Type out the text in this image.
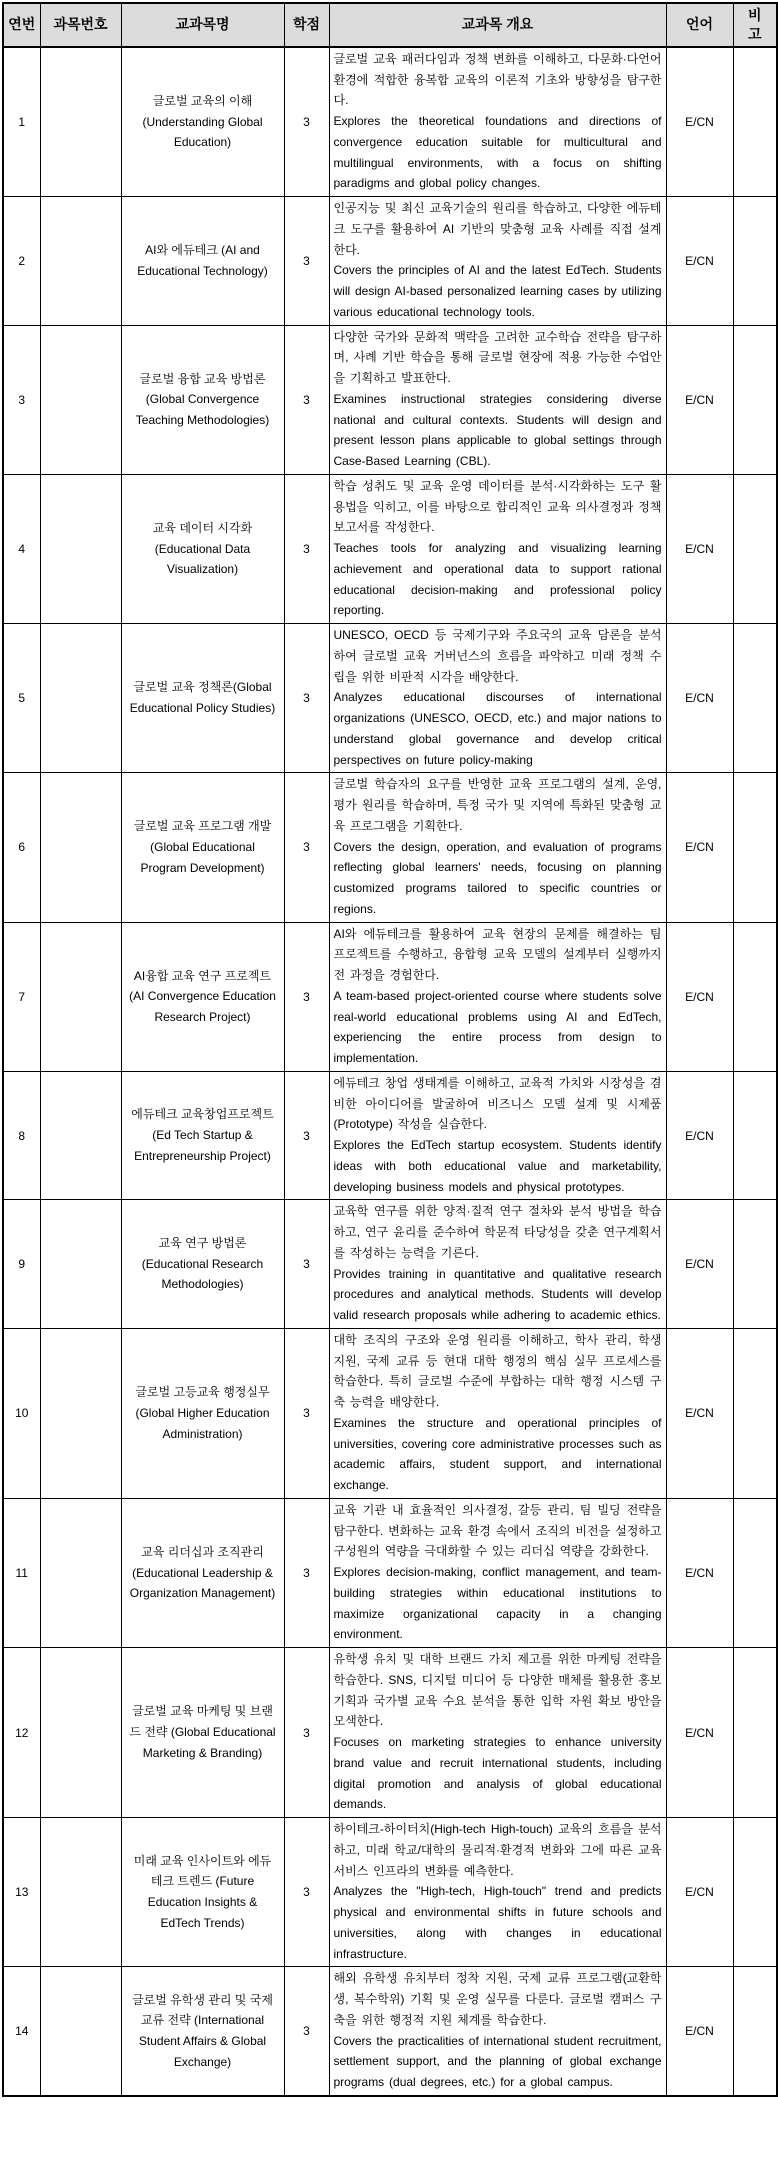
연번	과목번호	교과목명	학점	교과목 개요	언어	비고
1		글로벌 교육의 이해 (Understanding Global Education)	3	글로벌 교육 패러다임과 정책 변화를 이해하고, 다문화·다언어 환경에 적합한 융복합 교육의 이론적 기초와 방향성을 탐구한다.

Explores the theoretical foundations and directions of convergence education suitable for multicultural and multilingual environments, with a focus on shifting paradigms and global policy changes.	E/CN	
2		AI와 에듀테크 (AI and Educational Technology)	3	인공지능 및 최신 교육기술의 원리를 학습하고, 다양한 에듀테크 도구를 활용하여 AI 기반의 맞춤형 교육 사례를 직접 설계한다.

Covers the principles of AI and the latest EdTech. Students will design AI-based personalized learning cases by utilizing various educational technology tools.	E/CN	
3		글로벌 융합 교육 방법론(Global Convergence Teaching Methodologies)	3	다양한 국가와 문화적 맥락을 고려한 교수학습 전략을 탐구하며, 사례 기반 학습을 통해 글로벌 현장에 적용 가능한 수업안을 기획하고 발표한다.

Examines instructional strategies considering diverse national and cultural contexts. Students will design and present lesson plans applicable to global settings through Case-Based Learning (CBL).	E/CN	
4		교육 데이터 시각화(Educational Data Visualization)	3	학습 성취도 및 교육 운영 데이터를 분석·시각화하는 도구 활용법을 익히고, 이를 바탕으로 합리적인 교육 의사결정과 정책 보고서를 작성한다.

Teaches tools for analyzing and visualizing learning achievement and operational data to support rational educational decision-making and professional policy reporting.	E/CN	
5		글로벌 교육 정책론(Global Educational Policy Studies)	3	UNESCO, OECD 등 국제기구와 주요국의 교육 담론을 분석하여 글로벌 교육 거버넌스의 흐름을 파악하고 미래 정책 수립을 위한 비판적 시각을 배양한다.

Analyzes educational discourses of international organizations (UNESCO, OECD, etc.) and major nations to understand global governance and develop critical perspectives on future policy-making	E/CN	
6		글로벌 교육 프로그램 개발(Global Educational Program Development)	3	글로벌 학습자의 요구를 반영한 교육 프로그램의 설계, 운영, 평가 원리를 학습하며, 특정 국가 및 지역에 특화된 맞춤형 교육 프로그램을 기획한다.

Covers the design, operation, and evaluation of programs reflecting global learners' needs, focusing on planning customized programs tailored to specific countries or regions.	E/CN	
7		AI융합 교육 연구 프로젝트(AI Convergence Education Research Project)	3	AI와 에듀테크를 활용하여 교육 현장의 문제를 해결하는 팀 프로젝트를 수행하고, 융합형 교육 모델의 설계부터 실행까지 전 과정을 경험한다.

A team-based project-oriented course where students solve real-world educational problems using AI and EdTech, experiencing the entire process from design to implementation.	E/CN	
8		에듀테크 교육창업프로젝트(Ed Tech Startup & Entrepreneurship Project)	3	에듀테크 창업 생태계를 이해하고, 교육적 가치와 시장성을 겸비한 아이디어를 발굴하여 비즈니스 모델 설계 및 시제품(Prototype) 작성을 실습한다.

Explores the EdTech startup ecosystem. Students identify ideas with both educational value and marketability, developing business models and physical prototypes.	E/CN	
9		교육 연구 방법론(Educational Research Methodologies)	3	교육학 연구를 위한 양적·질적 연구 절차와 분석 방법을 학습하고, 연구 윤리를 준수하여 학문적 타당성을 갖춘 연구계획서를 작성하는 능력을 기른다.

Provides training in quantitative and qualitative research procedures and analytical methods. Students will develop valid research proposals while adhering to academic ethics.	E/CN	
10		글로벌 고등교육 행정실무 (Global Higher Education Administration)	3	대학 조직의 구조와 운영 원리를 이해하고, 학사 관리, 학생 지원, 국제 교류 등 현대 대학 행정의 핵심 실무 프로세스를 학습한다. 특히 글로벌 수준에 부합하는 대학 행정 시스템 구축 능력을 배양한다.

Examines the structure and operational principles of universities, covering core administrative processes such as academic affairs, student support, and international exchange.	E/CN	
11		교육 리더십과 조직관리 (Educational Leadership & Organization Management)	3	교육 기관 내 효율적인 의사결정, 갈등 관리, 팀 빌딩 전략을 탐구한다. 변화하는 교육 환경 속에서 조직의 비전을 설정하고 구성원의 역량을 극대화할 수 있는 리더십 역량을 강화한다.

Explores decision-making, conflict management, and team-building strategies within educational institutions to maximize organizational capacity in a changing environment.	E/CN	
12		글로벌 교육 마케팅 및 브랜드 전략 (Global Educational Marketing & Branding)	3	유학생 유치 및 대학 브랜드 가치 제고를 위한 마케팅 전략을 학습한다. SNS, 디지털 미디어 등 다양한 매체를 활용한 홍보 기획과 국가별 교육 수요 분석을 통한 입학 자원 확보 방안을 모색한다.

Focuses on marketing strategies to enhance university brand value and recruit international students, including digital promotion and analysis of global educational demands.	E/CN	
13		미래 교육 인사이트와 에듀테크 트렌드 (Future Education Insights & EdTech Trends)	3	하이테크-하이터치(High-tech High-touch) 교육의 흐름을 분석하고, 미래 학교/대학의 물리적·환경적 변화와 그에 따른 교육 서비스 인프라의 변화를 예측한다.

Analyzes the "High-tech, High-touch" trend and predicts physical and environmental shifts in future schools and universities, along with changes in educational infrastructure.	E/CN	
14		글로벌 유학생 관리 및 국제교류 전략 (International Student Affairs & Global Exchange)	3	해외 유학생 유치부터 정착 지원, 국제 교류 프로그램(교환학생, 복수학위) 기획 및 운영 실무를 다룬다. 글로벌 캠퍼스 구축을 위한 행정적 지원 체계를 학습한다.

Covers the practicalities of international student recruitment, settlement support, and the planning of global exchange programs (dual degrees, etc.) for a global campus.	E/CN	
